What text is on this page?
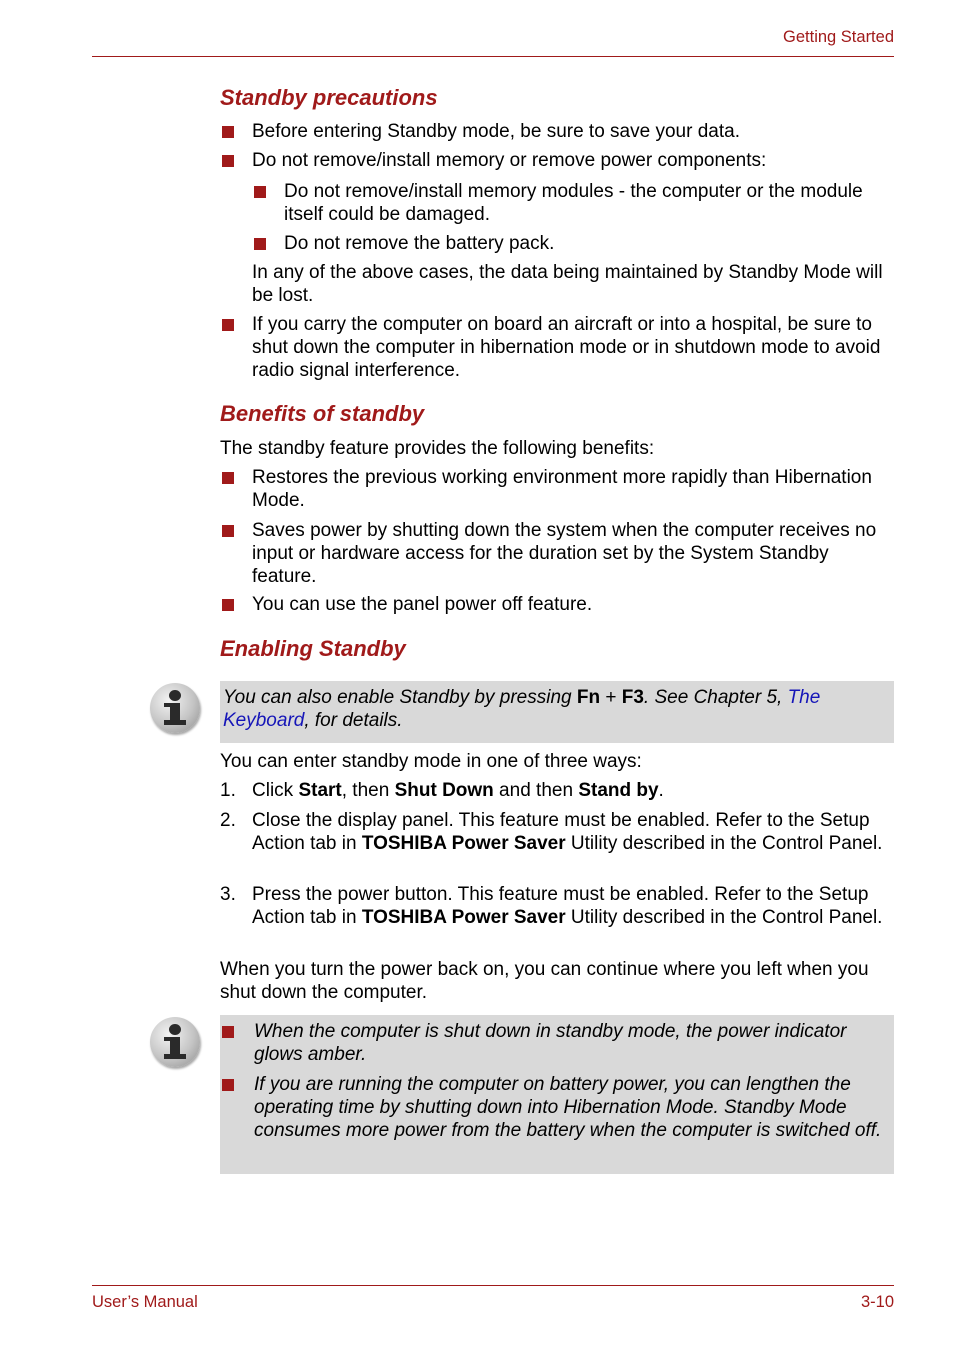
Getting Started
Standby precautions
Before entering Standby mode, be sure to save your data.
Do not remove/install memory or remove power components:
Do not remove/install memory modules - the computer or the module itself could be damaged.
Do not remove the battery pack.
In any of the above cases, the data being maintained by Standby Mode will be lost.
If you carry the computer on board an aircraft or into a hospital, be sure to shut down the computer in hibernation mode or in shutdown mode to avoid radio signal interference.
Benefits of standby
The standby feature provides the following benefits:
Restores the previous working environment more rapidly than Hibernation Mode.
Saves power by shutting down the system when the computer receives no input or hardware access for the duration set by the System Standby feature.
You can use the panel power off feature.
Enabling Standby
You can also enable Standby by pressing Fn + F3. See Chapter 5, The Keyboard, for details.
You can enter standby mode in one of three ways:
1. Click Start, then Shut Down and then Stand by.
2. Close the display panel. This feature must be enabled. Refer to the Setup Action tab in TOSHIBA Power Saver Utility described in the Control Panel.
3. Press the power button. This feature must be enabled. Refer to the Setup Action tab in TOSHIBA Power Saver Utility described in the Control Panel.
When you turn the power back on, you can continue where you left when you shut down the computer.
When the computer is shut down in standby mode, the power indicator glows amber.
If you are running the computer on battery power, you can lengthen the operating time by shutting down into Hibernation Mode. Standby Mode consumes more power from the battery when the computer is switched off.
User’s Manual	3-10
